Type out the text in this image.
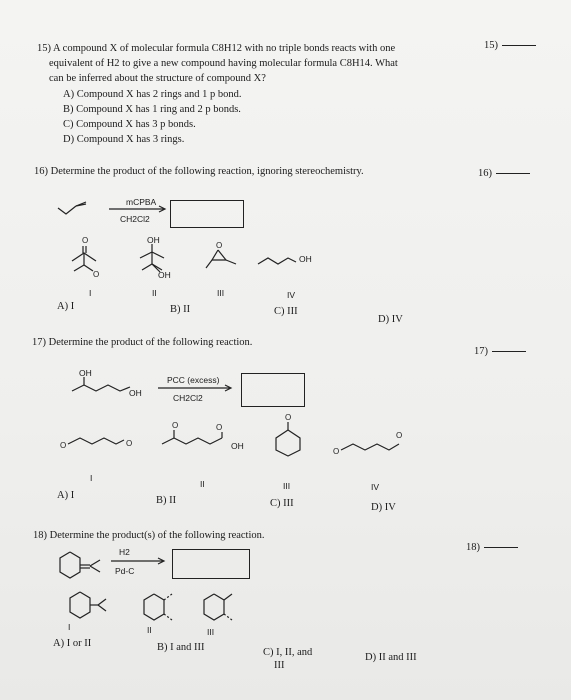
15) A compound X of molecular formula C8H12 with no triple bonds reacts with one
equivalent of H2 to give a new compound having molecular formula C8H14. What
can be inferred about the structure of compound X?
A) Compound X has 2 rings and 1 p bond.
B) Compound X has 1 ring and 2 p bonds.
C) Compound X has 3 p bonds.
D) Compound X has 3 rings.
15)
16) Determine the product of the following reaction, ignoring stereochemistry.	16)
mCPBA
CH2Cl2
O
O
OH
OH
O
OH
I	II	III	IV
A) I	B) II	C) III
D) IV
17) Determine the product of the following reaction.
17)
OH
OH
PCC (excess)
CH2Cl2
O	O
O	O
OH
O
O
O
I
II	III	IV
A) I	B) II	C) III	D) IV
18) Determine the product(s) of the following reaction.
18)
H2
Pd-C
I	II	III
A) I or II	B) I and III	C) I, II, and
III
D) II and III
